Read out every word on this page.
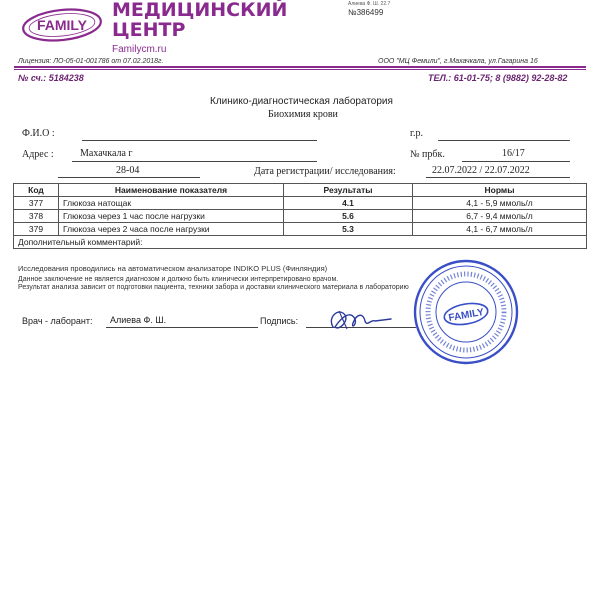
FAMILY
МЕДИЦИНСКИЙ
ЦЕНТР
Familycm.ru
Алиева Ф. Ш. 22.7
№386499
Лицензия: ЛО-05-01-001786 от 07.02.2018г.	ООО "МЦ Фемили", г.Махачкала, ул.Гагарина 16
№ сч.: 5184238	ТЕЛ.: 61-01-75; 8 (9882) 92-28-82
Клинико-диагностическая лаборатория
Биохимия крови
Ф.И.О :	г.р.
Адрес :	Махачкала г	№ прбк.	16/17
28-04	Дата регистрации/ исследования:	22.07.2022 / 22.07.2022
Код	Наименование показателя	Результаты	Нормы
377	Глюкоза натощак	4.1	4,1 - 5,9 ммоль/л
378	Глюкоза через 1 час после нагрузки	5.6	6,7 - 9,4 ммоль/л
379	Глюкоза через 2 часа после нагрузки	5.3	4,1 - 6,7 ммоль/л
Дополнительный комментарий:			
Исследования проводились на автоматическом анализаторе INDIKO PLUS (Финляндия)
Данное заключение не является диагнозом и должно быть клинически интерпретировано врачом.
Результат анализа зависит от подготовки пациента, техники забора и доставки клинического материала в лабораторию
Врач - лаборант: Алиева Ф. Ш.	Подпись:	FAMILY
